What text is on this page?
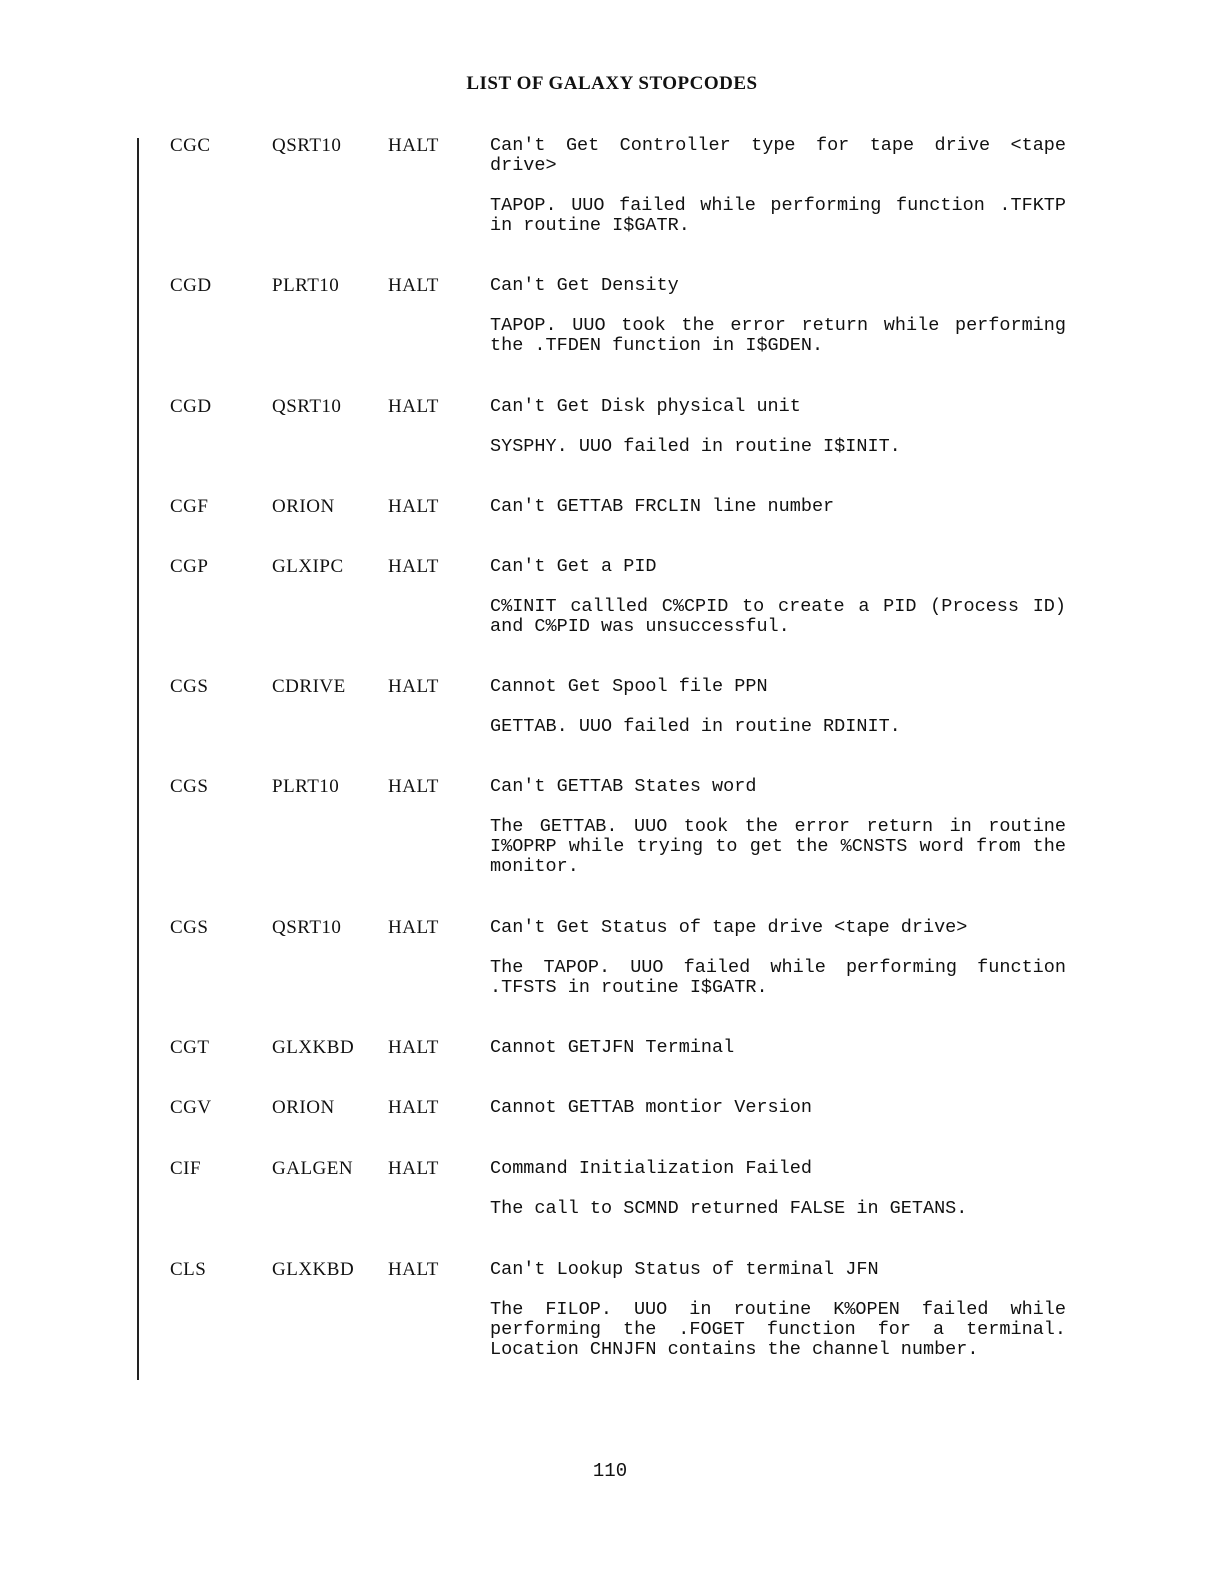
LIST OF GALAXY STOPCODES
CGC	QSRT10 HALT	Can't Get Controller type for tape drive <tape drive>

TAPOP. UUO failed while performing function .TFKTP in routine I$GATR.

CGD	PLRT10	HALT	Can't Get Density

TAPOP. UUO took the error return while performing the .TFDEN function in I$GDEN.

CGD	QSRT10 HALT	Can't Get Disk physical unit

SYSPHY. UUO failed in routine I$INIT.

CGF	ORION	HALT	Can't GETTAB FRCLIN line number

CGP	GLXIPC HALT	Can't Get a PID

C%INIT callled C%CPID to create a PID (Process ID) and C%PID was unsuccessful.

CGS	CDRIVE HALT	Cannot Get Spool file PPN

GETTAB. UUO failed in routine RDINIT.

CGS	PLRT10	HALT	Can't GETTAB States word

The GETTAB. UUO took the error return in routine I%OPRP while trying to get the %CNSTS word from the monitor.

CGS	QSRT10 HALT	Can't Get Status of tape drive <tape drive>

The TAPOP. UUO failed while performing function .TFSTS in routine I$GATR.

CGT	GLXKBD HALT	Cannot GETJFN Terminal

CGV	ORION	HALT	Cannot GETTAB montior Version

CIF	GALGEN HALT	Command Initialization Failed

The call to SCMND returned FALSE in GETANS.

CLS	GLXKBD HALT	Can't Lookup Status of terminal JFN

The FILOP. UUO in routine K%OPEN failed while performing the .FOGET function for a terminal. Location CHNJFN contains the channel number.

110
